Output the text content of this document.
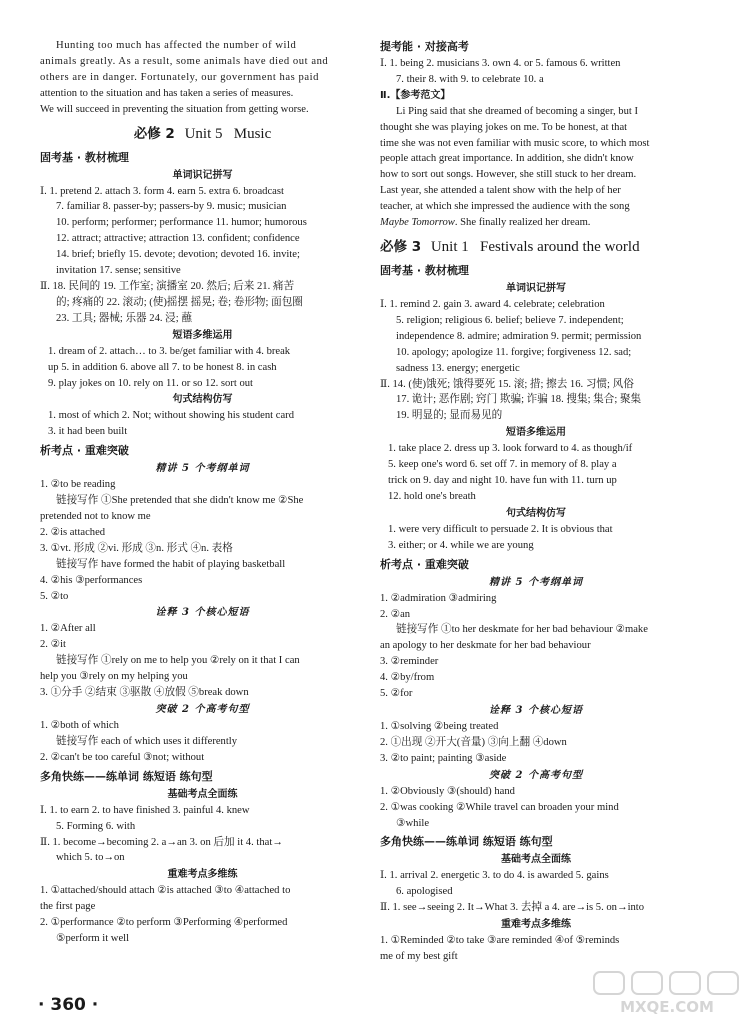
Hunting too much has affected the number of wild
animals greatly. As a result, some animals have died out and
others are in danger. Fortunately, our government has paid
attention to the situation and has taken a series of measures.
We will succeed in preventing the situation from getting worse.
必修 2 Unit 5   Music
固考基 · 教材梳理
单词识记拼写
Ⅰ. 1. pretend 2. attach 3. form 4. earn 5. extra 6. broadcast
7. familiar 8. passer-by; passers-by 9. music; musician
10. perform; performer; performance 11. humor; humorous
12. attract; attractive; attraction 13. confident; confidence
14. brief; briefly 15. devote; devotion; devoted 16. invite;
invitation 17. sense; sensitive
Ⅱ. 18. 民间的 19. 工作室; 演播室 20. 然后; 后来 21. 痛苦
的; 疼痛的 22. 滚动; (使)摇摆 摇晃; 卷; 卷形物; 面包圈
23. 工具; 器械; 乐器 24. 浸; 蘸
短语多维运用
1. dream of 2. attach… to 3. be/get familiar with 4. break
up 5. in addition 6. above all 7. to be honest 8. in cash
9. play jokes on 10. rely on 11. or so 12. sort out
句式结构仿写
1. most of which 2. Not; without showing his student card
3. it had been built
析考点 · 重难突破
精讲 5 个考纲单词
1. ②to be reading
链接写作 ①She pretended that she didn't know me ②She
pretended not to know me
2. ②is attached
3. ①vt. 形成 ②vi. 形成 ③n. 形式 ④n. 表格
链接写作 have formed the habit of playing basketball
4. ②his ③performances
5. ②to
诠释 3 个核心短语
1. ②After all
2. ②it
链接写作 ①rely on me to help you ②rely on it that I can
help you ③rely on my helping you
3. ①分手 ②结束 ③驱散 ④放假 ⑤break down
突破 2 个高考句型
1. ②both of which
链接写作 each of which uses it differently
2. ②can't be too careful ③not; without
多角快练——练单词 练短语 练句型
基础考点全面练
Ⅰ. 1. to earn 2. to have finished 3. painful 4. knew
5. Forming 6. with
Ⅱ. 1. become→becoming 2. a→an 3. on 后加 it 4. that→
which 5. to→on
重难考点多维练
1. ①attached/should attach ②is attached ③to ④attached to
the first page
2. ①performance ②to perform ③Performing ④performed
⑤perform it well
提考能 · 对接高考
Ⅰ. 1. being 2. musicians 3. own 4. or 5. famous 6. written
7. their 8. with 9. to celebrate 10. a
Ⅱ.【参考范文】
Li Ping said that she dreamed of becoming a singer, but I
thought she was playing jokes on me. To be honest, at that
time she was not even familiar with music score, to which most
people attach great importance. In addition, she didn't know
how to sort out songs. However, she still stuck to her dream.
Last year, she attended a talent show with the help of her
teacher, at which she impressed the audience with the song
Maybe Tomorrow. She finally realized her dream.
必修 3 Unit 1   Festivals around the world
固考基 · 教材梳理
单词识记拼写
Ⅰ. 1. remind 2. gain 3. award 4. celebrate; celebration
5. religion; religious 6. belief; believe 7. independent;
independence 8. admire; admiration 9. permit; permission
10. apology; apologize 11. forgive; forgiveness 12. sad;
sadness 13. energy; energetic
Ⅱ. 14. (使)饿死; 饿得要死 15. 滚; 措; 擦去 16. 习惯; 风俗
17. 诡计; 恶作剧; 窍门 欺骗; 诈骗 18. 搜集; 集合; 聚集
19. 明显的; 显而易见的
短语多维运用
1. take place 2. dress up 3. look forward to 4. as though/if
5. keep one's word 6. set off 7. in memory of 8. play a
trick on 9. day and night 10. have fun with 11. turn up
12. hold one's breath
句式结构仿写
1. were very difficult to persuade 2. It is obvious that
3. either; or 4. while we are young
析考点 · 重难突破
精讲 5 个考纲单词
1. ②admiration ③admiring
2. ②an
链接写作 ①to her deskmate for her bad behaviour ②make
an apology to her deskmate for her bad behaviour
3. ②reminder
4. ②by/from
5. ②for
诠释 3 个核心短语
1. ①solving ②being treated
2. ①出现 ②开大(音量) ③向上翻 ④down
3. ②to paint; painting ③aside
突破 2 个高考句型
1. ②Obviously ③(should) hand
2. ①was cooking ②While travel can broaden your mind
③while
多角快练——练单词 练短语 练句型
基础考点全面练
Ⅰ. 1. arrival 2. energetic 3. to do 4. is awarded 5. gains
6. apologised
Ⅱ. 1. see→seeing 2. It→What 3. 去掉 a 4. are→is 5. on→into
重难考点多维练
1. ①Reminded ②to take ③are reminded ④of ⑤reminds
me of my best gift
· 360 ·	MXQE.COM
